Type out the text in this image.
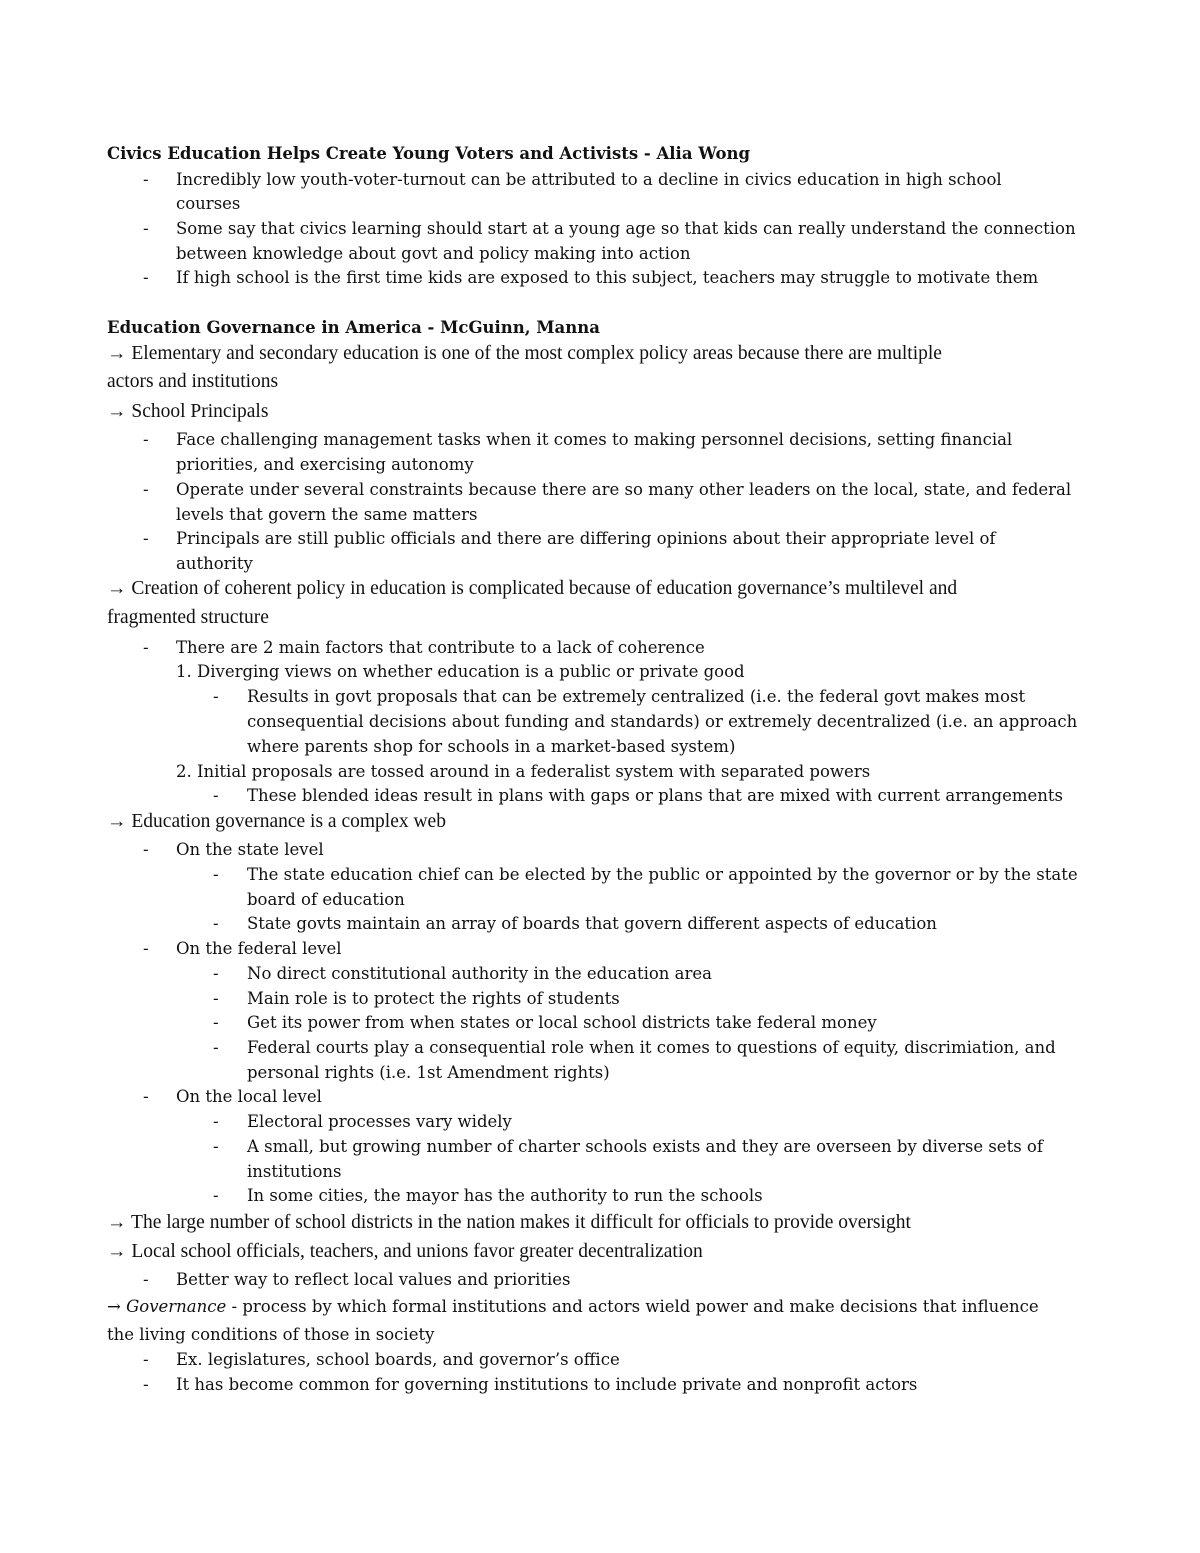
Civics Education Helps Create Young Voters and Activists - Alia Wong
- Incredibly low youth-voter-turnout can be attributed to a decline in civics education in high school
courses
- Some say that civics learning should start at a young age so that kids can really understand the connection
between knowledge about govt and policy making into action
- If high school is the first time kids are exposed to this subject, teachers may struggle to motivate them
Education Governance in America - McGuinn, Manna
→ Elementary and secondary education is one of the most complex policy areas because there are multiple
actors and institutions
→ School Principals
- Face challenging management tasks when it comes to making personnel decisions, setting financial
priorities, and exercising autonomy
- Operate under several constraints because there are so many other leaders on the local, state, and federal
levels that govern the same matters
- Principals are still public officials and there are differing opinions about their appropriate level of
authority
→ Creation of coherent policy in education is complicated because of education governance’s multilevel and
fragmented structure
- There are 2 main factors that contribute to a lack of coherence
1. Diverging views on whether education is a public or private good
- Results in govt proposals that can be extremely centralized (i.e. the federal govt makes most
consequential decisions about funding and standards) or extremely decentralized (i.e. an approach
where parents shop for schools in a market-based system)
2. Initial proposals are tossed around in a federalist system with separated powers
- These blended ideas result in plans with gaps or plans that are mixed with current arrangements
→ Education governance is a complex web
- On the state level
- The state education chief can be elected by the public or appointed by the governor or by the state
board of education
- State govts maintain an array of boards that govern different aspects of education
- On the federal level
- No direct constitutional authority in the education area
- Main role is to protect the rights of students
- Get its power from when states or local school districts take federal money
- Federal courts play a consequential role when it comes to questions of equity, discrimiation, and
personal rights (i.e. 1st Amendment rights)
- On the local level
- Electoral processes vary widely
- A small, but growing number of charter schools exists and they are overseen by diverse sets of
institutions
- In some cities, the mayor has the authority to run the schools
→ The large number of school districts in the nation makes it difficult for officials to provide oversight
→ Local school officials, teachers, and unions favor greater decentralization
- Better way to reflect local values and priorities
→ Governance - process by which formal institutions and actors wield power and make decisions that influence
the living conditions of those in society
- Ex. legislatures, school boards, and governor’s office
- It has become common for governing institutions to include private and nonprofit actors
